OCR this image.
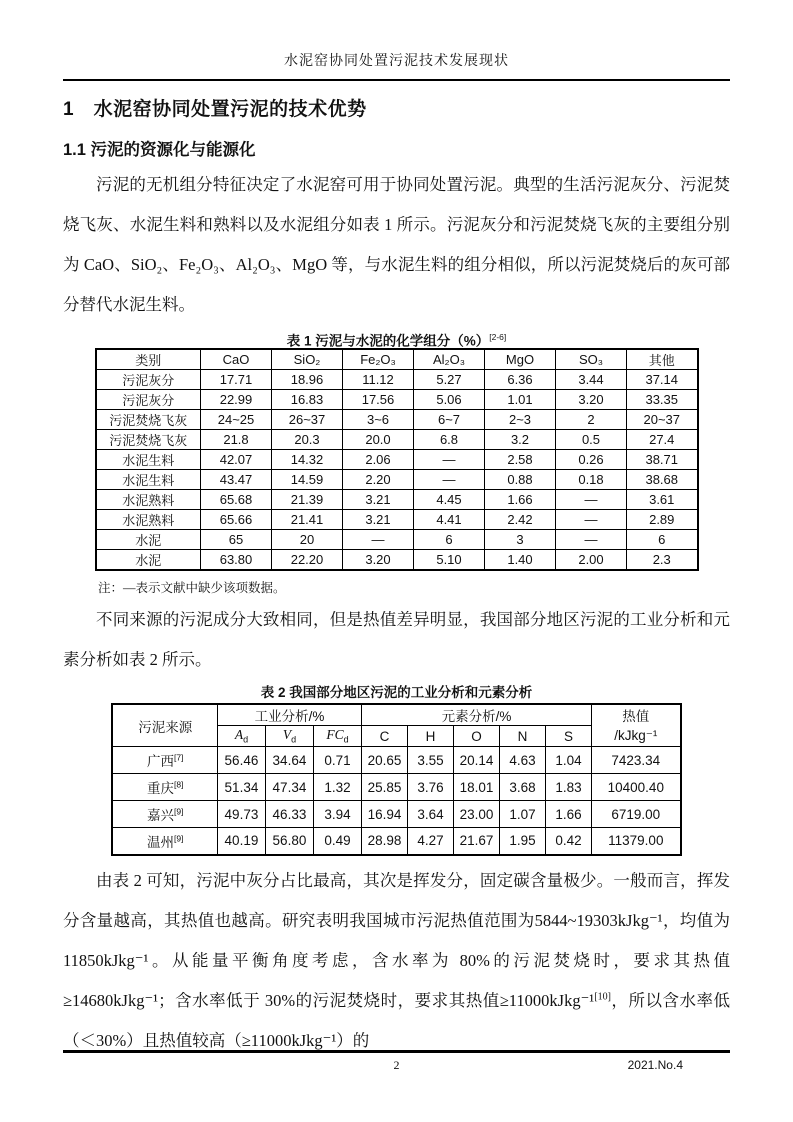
水泥窑协同处置污泥技术发展现状
1　水泥窑协同处置污泥的技术优势
1.1 污泥的资源化与能源化

污泥的无机组分特征决定了水泥窑可用于协同处置污泥。典型的生活污泥灰分、污泥焚烧飞灰、水泥生料和熟料以及水泥组分如表 1 所示。污泥灰分和污泥焚烧飞灰的主要组分别为 CaO、SiO₂、Fe₂O₃、Al₂O₃、MgO 等，与水泥生料的组分相似，所以污泥焚烧后的灰可部分替代水泥生料。

表 1 污泥与水泥的化学组分（%）[2-6]
类别	CaO	SiO₂	Fe₂O₃	Al₂O₃	MgO	SO₃	其他
污泥灰分	17.71	18.96	11.12	5.27	6.36	3.44	37.14
污泥灰分	22.99	16.83	17.56	5.06	1.01	3.20	33.35
污泥焚烧飞灰	24~25	26~37	3~6	6~7	2~3	2	20~37
污泥焚烧飞灰	21.8	20.3	20.0	6.8	3.2	0.5	27.4
水泥生料	42.07	14.32	2.06	—	2.58	0.26	38.71
水泥生料	43.47	14.59	2.20	—	0.88	0.18	38.68
水泥熟料	65.68	21.39	3.21	4.45	1.66	—	3.61
水泥熟料	65.66	21.41	3.21	4.41	2.42	—	2.89
水泥	65	20	—	6	3	—	6
水泥	63.80	22.20	3.20	5.10	1.40	2.00	2.3
注：—表示文献中缺少该项数据。

不同来源的污泥成分大致相同，但是热值差异明显，我国部分地区污泥的工业分析和元素分析如表 2 所示。

表 2 我国部分地区污泥的工业分析和元素分析
污泥来源	工业分析/%			元素分析/%					热值
/kJkg⁻¹

	$A_d$	$V_d$	$FC_d$	C	H	O	N	S	
广西[7]	56.46	34.64	0.71	20.65	3.55	20.14	4.63	1.04	7423.34
重庆[8]	51.34	47.34	1.32	25.85	3.76	18.01	3.68	1.83	10400.40
嘉兴[9]	49.73	46.33	3.94	16.94	3.64	23.00	1.07	1.66	6719.00
温州[9]	40.19	56.80	0.49	28.98	4.27	21.67	1.95	0.42	11379.00

由表 2 可知，污泥中灰分占比最高，其次是挥发分，固定碳含量极少。一般而言，挥发分含量越高，其热值也越高。研究表明我国城市污泥热值范围为5844~19303kJkg⁻¹，均值为 11850kJkg⁻¹。从能量平衡角度考虑，含水率为 80%的污泥焚烧时，要求其热值≥14680kJkg⁻¹；含水率低于 30%的污泥焚烧时，要求其热值≥11000kJkg⁻¹[10]，所以含水率低（＜30%）且热值较高（≥11000kJkg⁻¹）的

2	2021.No.4
